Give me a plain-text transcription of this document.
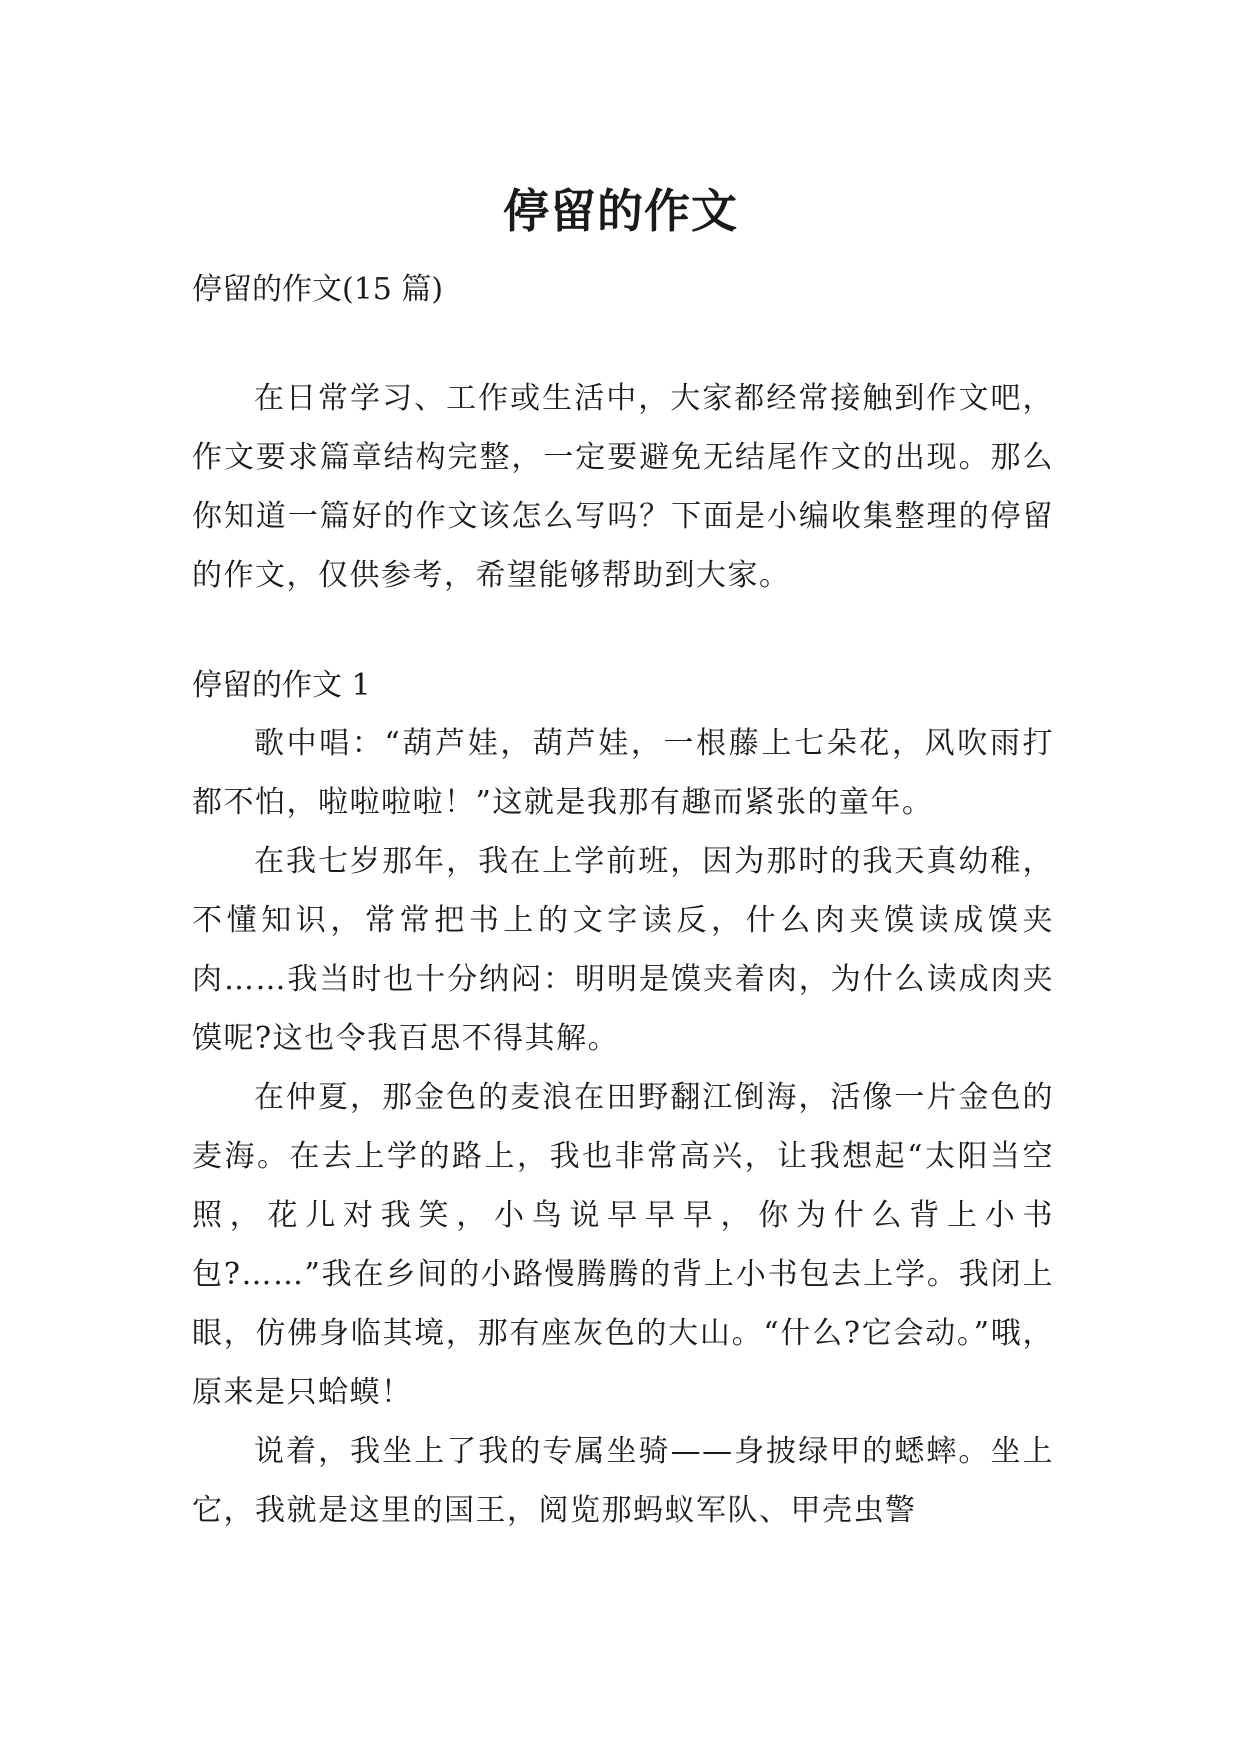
停留的作文

停留的作文(15 篇)

在日常学习、工作或生活中，大家都经常接触到作文吧，作文要求篇章结构完整，一定要避免无结尾作文的出现。那么你知道一篇好的作文该怎么写吗？下面是小编收集整理的停留的作文，仅供参考，希望能够帮助到大家。

停留的作文 1

歌中唱：“葫芦娃，葫芦娃，一根藤上七朵花，风吹雨打都不怕，啦啦啦啦！”这就是我那有趣而紧张的童年。

在我七岁那年，我在上学前班，因为那时的我天真幼稚，不懂知识，常常把书上的文字读反，什么肉夹馍读成馍夹肉……我当时也十分纳闷：明明是馍夹着肉，为什么读成肉夹馍呢?这也令我百思不得其解。

在仲夏，那金色的麦浪在田野翻江倒海，活像一片金色的麦海。在去上学的路上，我也非常高兴，让我想起“太阳当空照，花儿对我笑，小鸟说早早早，你为什么背上小书包?……”我在乡间的小路慢腾腾的背上小书包去上学。我闭上眼，仿佛身临其境，那有座灰色的大山。“什么?它会动。”哦，原来是只蛤蟆！

说着，我坐上了我的专属坐骑——身披绿甲的蟋蟀。坐上它，我就是这里的国王，阅览那蚂蚁军队、甲壳虫警
